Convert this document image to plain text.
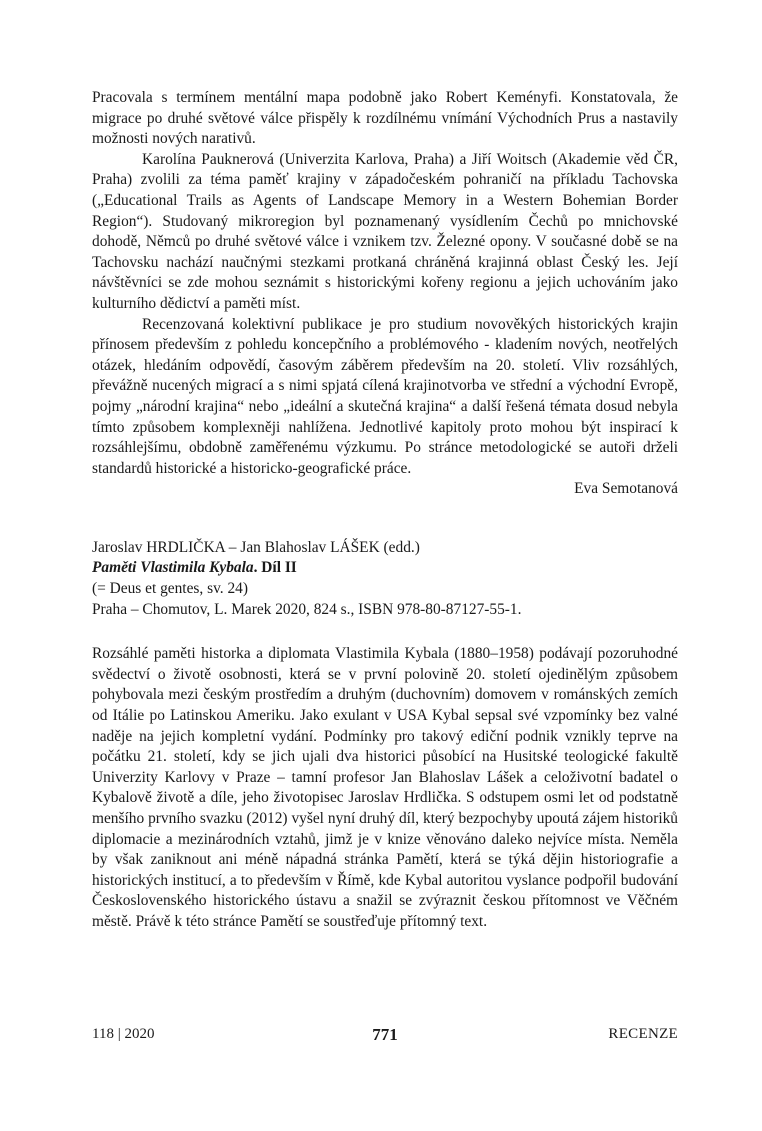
Pracovala s termínem mentální mapa podobně jako Robert Keményfi. Konstatovala, že migrace po druhé světové válce přispěly k rozdílnému vnímání Východních Prus a nastavily možnosti nových narativů.

Karolína Pauknerová (Univerzita Karlova, Praha) a Jiří Woitsch (Akademie věd ČR, Praha) zvolili za téma paměť krajiny v západočeském pohraničí na příkladu Tachovska („Educational Trails as Agents of Landscape Memory in a Western Bohemian Border Region“). Studovaný mikroregion byl poznamenaný vysídlením Čechů po mnichovské dohodě, Němců po druhé světové válce i vznikem tzv. Železné opony. V současné době se na Tachovsku nachází naučnými stezkami protkaná chráněná krajinná oblast Český les. Její návštěvníci se zde mohou seznámit s historickými kořeny regionu a jejich uchováním jako kulturního dědictví a paměti míst.

Recenzovaná kolektivní publikace je pro studium novověkých historických krajin přínosem především z pohledu koncepčního a problémového - kladením nových, neotřelých otázek, hledáním odpovědí, časovým záběrem především na 20. století. Vliv rozsáhlých, převážně nucených migrací a s nimi spjatá cílená krajinotvorba ve střední a východní Evropě, pojmy „národní krajina“ nebo „ideální a skutečná krajina“ a další řešená témata dosud nebyla tímto způsobem komplexněji nahlížena. Jednotlivé kapitoly proto mohou být inspirací k rozsáhlejšímu, obdobně zaměřenému výzkumu. Po stránce metodologické se autoři drželi standardů historické a historicko-geografické práce.

Eva Semotanová

Jaroslav HRDLIČKA – Jan Blahoslav LÁŠEK (edd.)

Paměti Vlastimila Kybala. Díl II

(= Deus et gentes, sv. 24)

Praha – Chomutov, L. Marek 2020, 824 s., ISBN 978-80-87127-55-1.

Rozsáhlé paměti historka a diplomata Vlastimila Kybala (1880–1958) podávají pozoruhodné svědectví o životě osobnosti, která se v první polovině 20. století ojedinělým způsobem pohybovala mezi českým prostředím a druhým (duchovním) domovem v románských zemích od Itálie po Latinskou Ameriku. Jako exulant v USA Kybal sepsal své vzpomínky bez valné naděje na jejich kompletní vydání. Podmínky pro takový ediční podnik vznikly teprve na počátku 21. století, kdy se jich ujali dva historici působící na Husitské teologické fakultě Univerzity Karlovy v Praze – tamní profesor Jan Blahoslav Lášek a celoživotní badatel o Kybalově životě a díle, jeho životopisec Jaroslav Hrdlička. S odstupem osmi let od podstatně menšího prvního svazku (2012) vyšel nyní druhý díl, který bezpochyby upoutá zájem historiků diplomacie a mezinárodních vztahů, jimž je v knize věnováno daleko nejvíce místa. Neměla by však zaniknout ani méně nápadná stránka Pamětí, která se týká dějin historiografie a historických institucí, a to především v Římě, kde Kybal autoritou vyslance podpořil budování Československého historického ústavu a snažil se zvýraznit českou přítomnost ve Věčném městě. Právě k této stránce Pamětí se soustřeďuje přítomný text.

118 | 2020	771	RECENZE
